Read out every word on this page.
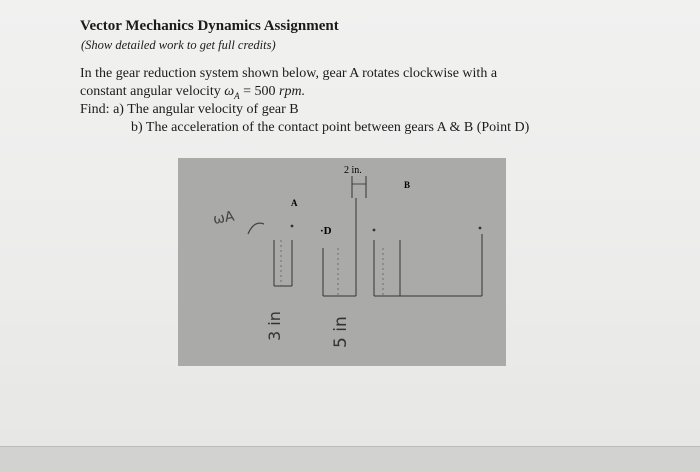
Vector Mechanics Dynamics Assignment
(Show detailed work to get full credits)
In the gear reduction system shown below, gear A rotates clockwise with a
constant angular velocity $\omega_A = 500$ rpm.
Find: a) The angular velocity of gear B
b) The acceleration of the contact point between gears A & B (Point D)
2 in.
B
A
·D
ωA
3 in	5 in
